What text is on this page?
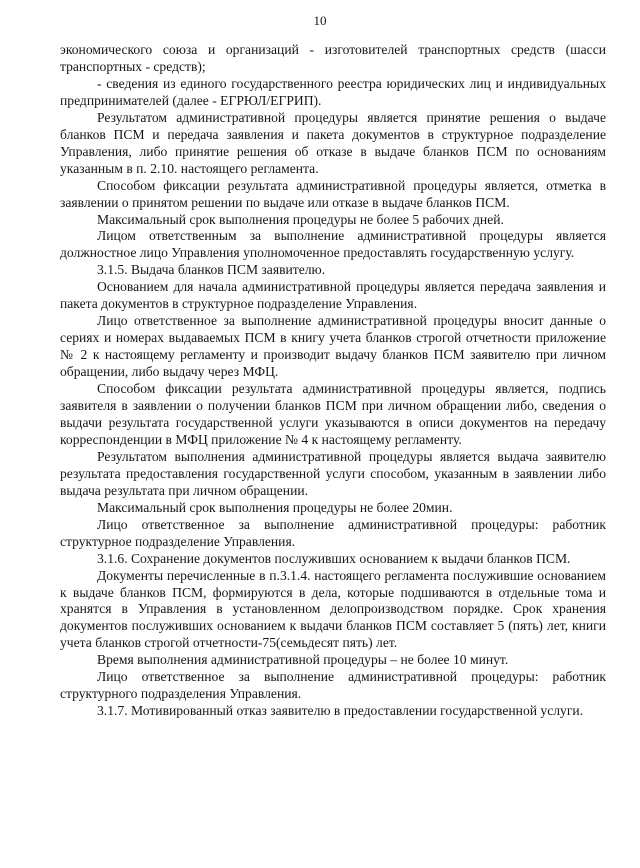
10

экономического союза и организаций - изготовителей транспортных средств (шасси транспортных - средств);

- сведения из единого государственного реестра юридических лиц и индивидуальных предпринимателей (далее - ЕГРЮЛ/ЕГРИП).

Результатом административной процедуры является принятие решения о выдаче бланков ПСМ и передача заявления и пакета документов в структурное подразделение Управления, либо принятие решения об отказе в выдаче бланков ПСМ по основаниям указанным в п. 2.10. настоящего регламента.

Способом фиксации результата административной процедуры является, отметка в заявлении о принятом решении по выдаче или отказе в выдаче бланков ПСМ.

Максимальный срок выполнения процедуры не более 5 рабочих дней.

Лицом ответственным за выполнение административной процедуры является должностное лицо Управления уполномоченное предоставлять государственную услугу.

3.1.5. Выдача бланков ПСМ заявителю.

Основанием для начала административной процедуры является передача заявления и пакета документов в структурное подразделение Управления.

Лицо ответственное за выполнение административной процедуры вносит данные о сериях и номерах выдаваемых ПСМ в книгу учета бланков строгой отчетности приложение № 2 к настоящему регламенту и производит выдачу бланков ПСМ заявителю при личном обращении, либо выдачу через МФЦ.

Способом фиксации результата административной процедуры является, подпись заявителя в заявлении о получении бланков ПСМ при личном обращении либо, сведения о выдачи результата государственной услуги указываются в описи документов на передачу корреспонденции в МФЦ приложение № 4 к настоящему регламенту.

Результатом выполнения административной процедуры является выдача заявителю результата предоставления государственной услуги способом, указанным в заявлении либо выдача результата при личном обращении.

Максимальный срок выполнения процедуры не более 20мин.

Лицо ответственное за выполнение административной процедуры: работник структурное подразделение Управления.

3.1.6. Сохранение документов послуживших основанием к выдачи бланков ПСМ.

Документы перечисленные в п.3.1.4. настоящего регламента послужившие основанием к выдаче бланков ПСМ, формируются в дела, которые подшиваются в отдельные тома и хранятся в Управления в установленном делопроизводством порядке. Срок хранения документов послуживших основанием к выдачи бланков ПСМ составляет 5 (пять) лет, книги учета бланков строгой отчетности-75(семьдесят пять) лет.

Время выполнения административной процедуры – не более 10 минут.

Лицо ответственное за выполнение административной процедуры: работник структурного подразделения Управления.

3.1.7. Мотивированный отказ заявителю в предоставлении государственной услуги.
